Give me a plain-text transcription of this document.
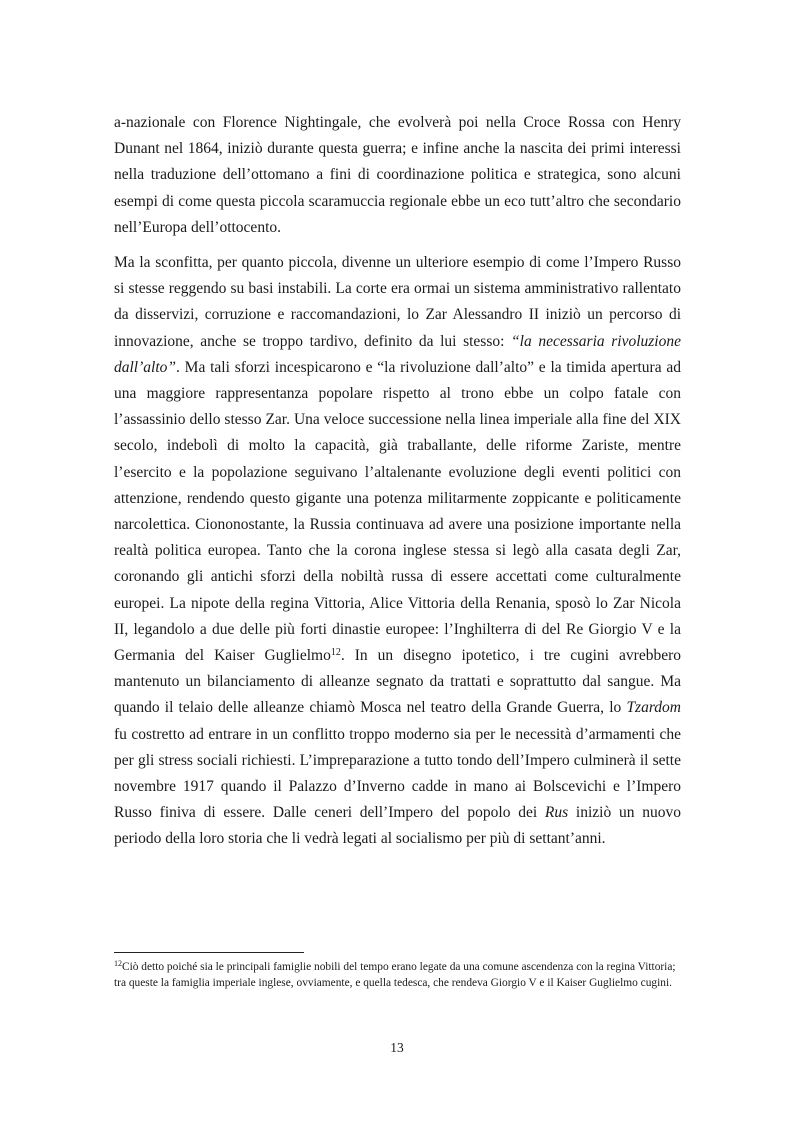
a-nazionale con Florence Nightingale, che evolverà poi nella Croce Rossa con Henry Dunant nel 1864, iniziò durante questa guerra; e infine anche la nascita dei primi interessi nella traduzione dell’ottomano a fini di coordinazione politica e strategica, sono alcuni esempi di come questa piccola scaramuccia regionale ebbe un eco tutt’altro che secondario nell’Europa dell’ottocento.

Ma la sconfitta, per quanto piccola, divenne un ulteriore esempio di come l’Impero Russo si stesse reggendo su basi instabili. La corte era ormai un sistema amministrativo rallentato da disservizi, corruzione e raccomandazioni, lo Zar Alessandro II iniziò un percorso di innovazione, anche se troppo tardivo, definito da lui stesso: “la necessaria rivoluzione dall’alto”. Ma tali sforzi incespicarono e “la rivoluzione dall’alto” e la timida apertura ad una maggiore rappresentanza popolare rispetto al trono ebbe un colpo fatale con l’assassinio dello stesso Zar. Una veloce successione nella linea imperiale alla fine del XIX secolo, indebolì di molto la capacità, già traballante, delle riforme Zariste, mentre l’esercito e la popolazione seguivano l’altalenante evoluzione degli eventi politici con attenzione, rendendo questo gigante una potenza militarmente zoppicante e politicamente narcolettica. Ciononostante, la Russia continuava ad avere una posizione importante nella realtà politica europea. Tanto che la corona inglese stessa si legò alla casata degli Zar, coronando gli antichi sforzi della nobiltà russa di essere accettati come culturalmente europei. La nipote della regina Vittoria, Alice Vittoria della Renania, sposò lo Zar Nicola II, legandolo a due delle più forti dinastie europee: l’Inghilterra di del Re Giorgio V e la Germania del Kaiser Guglielmo$^{12}$. In un disegno ipotetico, i tre cugini avrebbero mantenuto un bilanciamento di alleanze segnato da trattati e soprattutto dal sangue. Ma quando il telaio delle alleanze chiamò Mosca nel teatro della Grande Guerra, lo Tzardom fu costretto ad entrare in un conflitto troppo moderno sia per le necessità d’armamenti che per gli stress sociali richiesti. L’impreparazione a tutto tondo dell’Impero culminerà il sette novembre 1917 quando il Palazzo d’Inverno cadde in mano ai Bolscevichi e l’Impero Russo finiva di essere. Dalle ceneri dell’Impero del popolo dei Rus iniziò un nuovo periodo della loro storia che li vedrà legati al socialismo per più di settant’anni.

$^{12}$Ciò detto poiché sia le principali famiglie nobili del tempo erano legate da una comune ascendenza con la regina Vittoria; tra queste la famiglia imperiale inglese, ovviamente, e quella tedesca, che rendeva Giorgio V e il Kaiser Guglielmo cugini.

13
